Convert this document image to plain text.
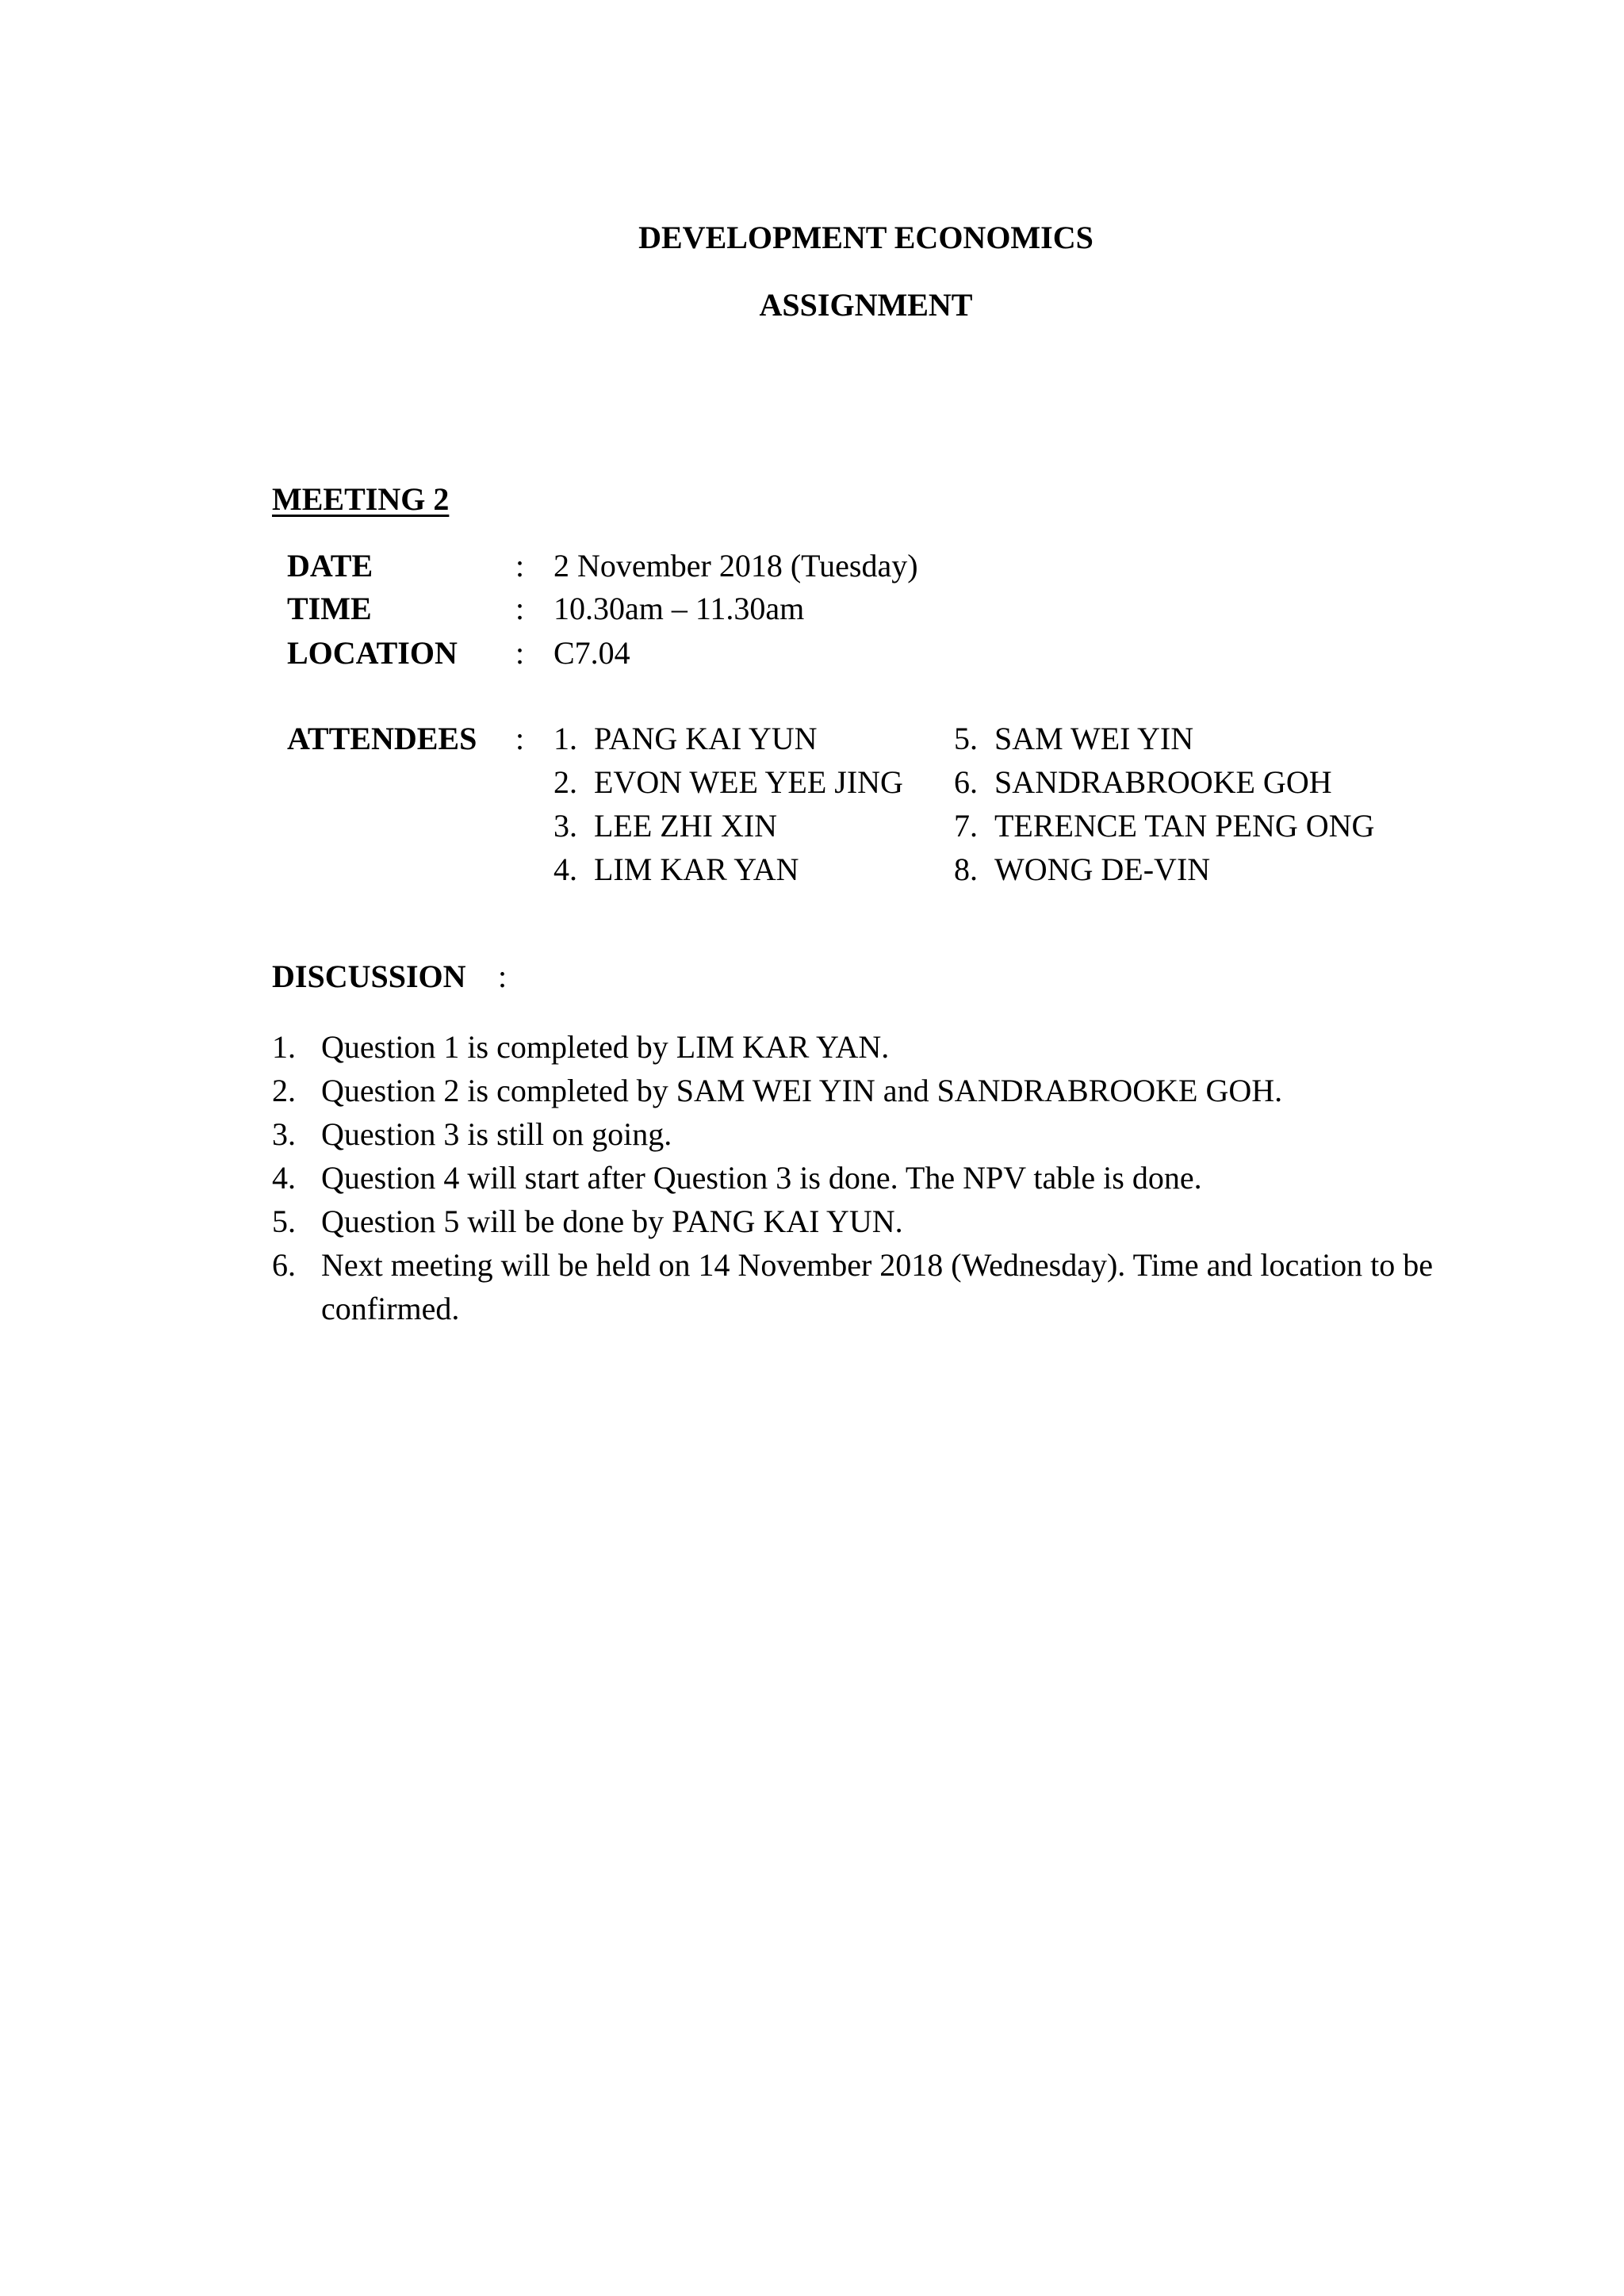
DEVELOPMENT ECONOMICS
ASSIGNMENT
MEETING 2
DATE	: 2 November 2018 (Tuesday)
TIME	: 10.30am – 11.30am
LOCATION : C7.04
ATTENDEES : 1. PANG KAI YUN
2. EVON WEE YEE JING
3. LEE ZHI XIN
4. LIM KAR YAN
5. SAM WEI YIN
6. SANDRABROOKE GOH
7. TERENCE TAN PENG ONG
8. WONG DE-VIN
DISCUSSION :
1. Question 1 is completed by LIM KAR YAN.
2. Question 2 is completed by SAM WEI YIN and SANDRABROOKE GOH.
3. Question 3 is still on going.
4. Question 4 will start after Question 3 is done. The NPV table is done.
5. Question 5 will be done by PANG KAI YUN.
6. Next meeting will be held on 14 November 2018 (Wednesday). Time and location to be confirmed.
